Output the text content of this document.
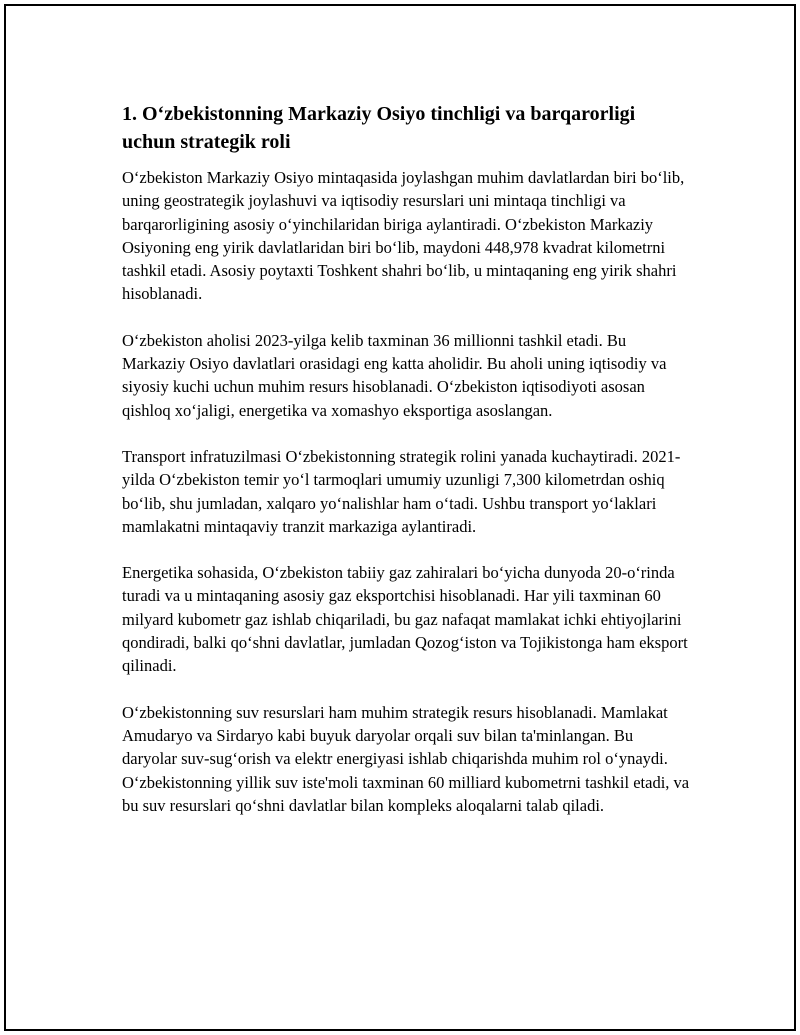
1. O‘zbekistonning Markaziy Osiyo tinchligi va barqarorligi uchun strategik roli

O‘zbekiston Markaziy Osiyo mintaqasida joylashgan muhim davlatlardan biri bo‘lib, uning geostrategik joylashuvi va iqtisodiy resurslari uni mintaqa tinchligi va barqarorligining asosiy o‘yinchilaridan biriga aylantiradi. O‘zbekiston Markaziy Osiyoning eng yirik davlatlaridan biri bo‘lib, maydoni 448,978 kvadrat kilometrni tashkil etadi. Asosiy poytaxti Toshkent shahri bo‘lib, u mintaqaning eng yirik shahri hisoblanadi.

O‘zbekiston aholisi 2023-yilga kelib taxminan 36 millionni tashkil etadi. Bu Markaziy Osiyo davlatlari orasidagi eng katta aholidir. Bu aholi uning iqtisodiy va siyosiy kuchi uchun muhim resurs hisoblanadi. O‘zbekiston iqtisodiyoti asosan qishloq xo‘jaligi, energetika va xomashyo eksportiga asoslangan.

Transport infratuzilmasi O‘zbekistonning strategik rolini yanada kuchaytiradi. 2021-yilda O‘zbekiston temir yo‘l tarmoqlari umumiy uzunligi 7,300 kilometrdan oshiq bo‘lib, shu jumladan, xalqaro yo‘nalishlar ham o‘tadi. Ushbu transport yo‘laklari mamlakatni mintaqaviy tranzit markaziga aylantiradi.

Energetika sohasida, O‘zbekiston tabiiy gaz zahiralari bo‘yicha dunyoda 20-o‘rinda turadi va u mintaqaning asosiy gaz eksportchisi hisoblanadi. Har yili taxminan 60 milyard kubometr gaz ishlab chiqariladi, bu gaz nafaqat mamlakat ichki ehtiyojlarini qondiradi, balki qo‘shni davlatlar, jumladan Qozog‘iston va Tojikistonga ham eksport qilinadi.

O‘zbekistonning suv resurslari ham muhim strategik resurs hisoblanadi. Mamlakat Amudaryo va Sirdaryo kabi buyuk daryolar orqali suv bilan ta'minlangan. Bu daryolar suv-sug‘orish va elektr energiyasi ishlab chiqarishda muhim rol o‘ynaydi. O‘zbekistonning yillik suv iste'moli taxminan 60 milliard kubometrni tashkil etadi, va bu suv resurslari qo‘shni davlatlar bilan kompleks aloqalarni talab qiladi.
